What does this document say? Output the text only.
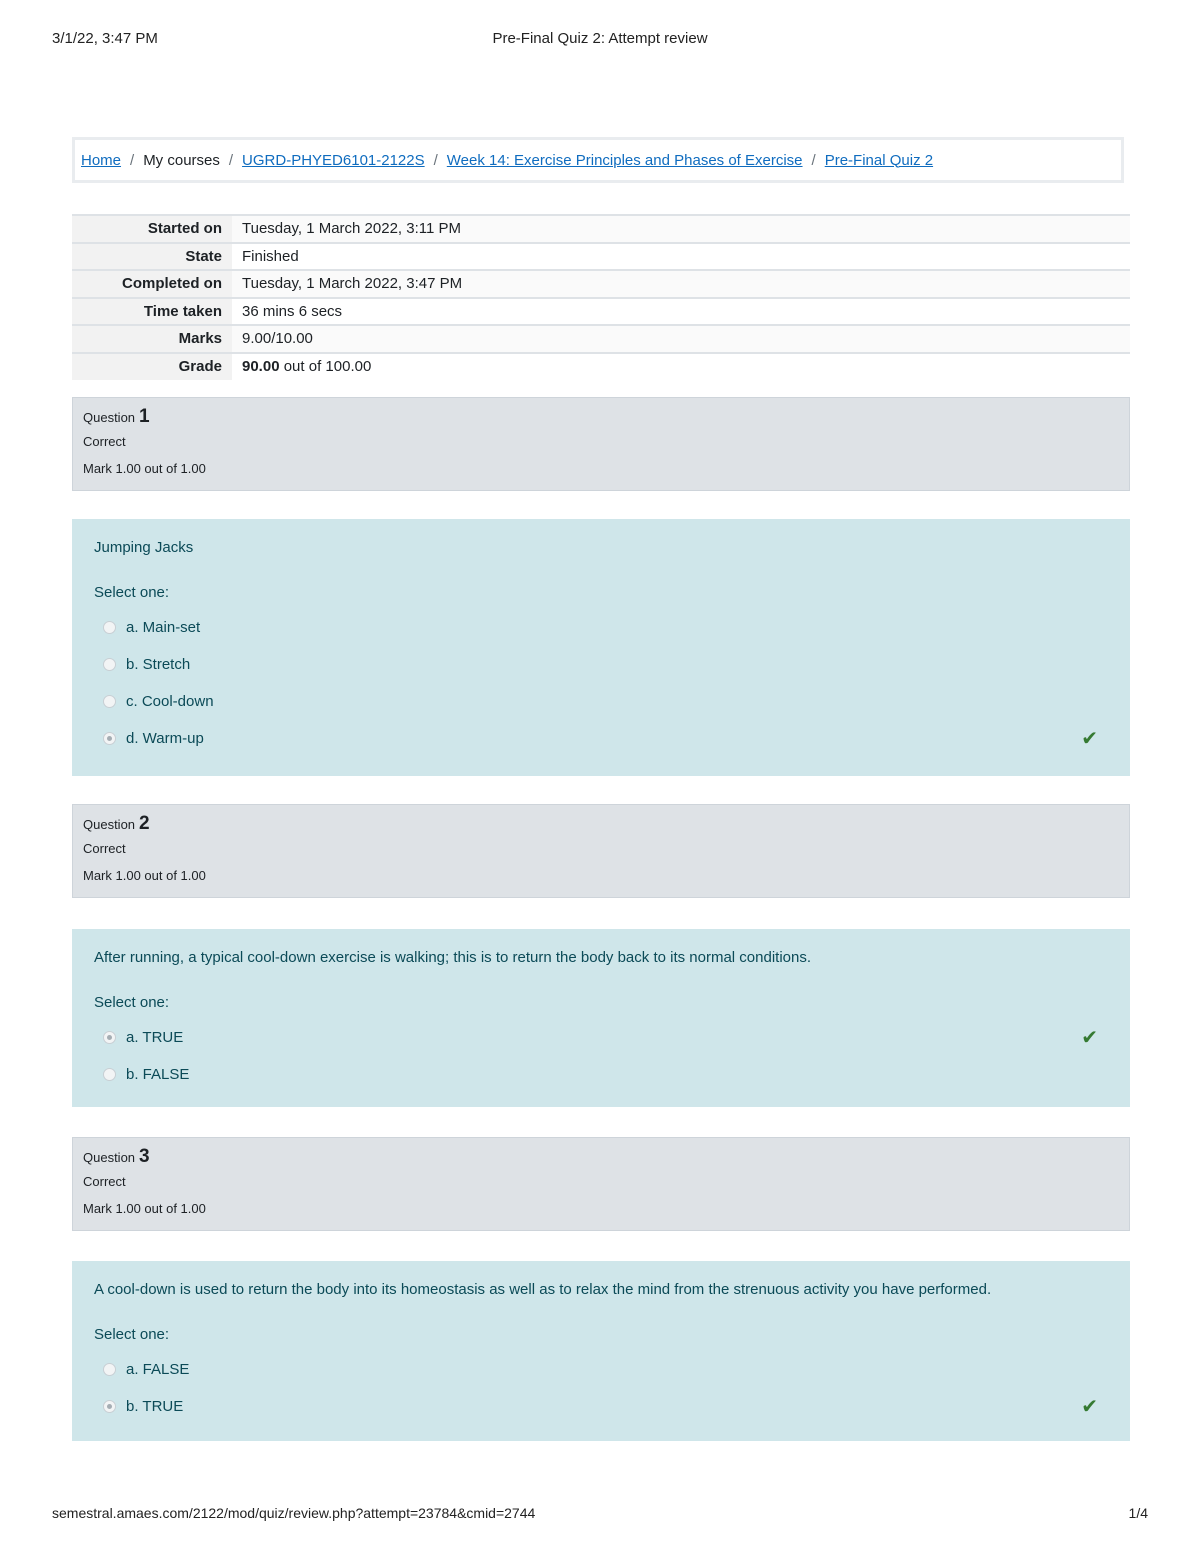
3/1/22, 3:47 PM	Pre-Final Quiz 2: Attempt review
Home / My courses / UGRD-PHYED6101-2122S / Week 14: Exercise Principles and Phases of Exercise / Pre-Final Quiz 2
Started on	Tuesday, 1 March 2022, 3:11 PM
State	Finished
Completed on	Tuesday, 1 March 2022, 3:47 PM
Time taken	36 mins 6 secs
Marks	9.00/10.00
Grade	90.00 out of 100.00
Question 1
Correct
Mark 1.00 out of 1.00
Jumping Jacks
Select one:
a. Main-set
b. Stretch
c. Cool-down
d. Warm-up	✔
Question 2
Correct
Mark 1.00 out of 1.00
After running, a typical cool-down exercise is walking; this is to return the body back to its normal conditions.
Select one:
a. TRUE	✔
b. FALSE
Question 3
Correct
Mark 1.00 out of 1.00
A cool-down is used to return the body into its homeostasis as well as to relax the mind from the strenuous activity you have performed.
Select one:
a. FALSE
b. TRUE	✔
semestral.amaes.com/2122/mod/quiz/review.php?attempt=23784&cmid=2744	1/4
